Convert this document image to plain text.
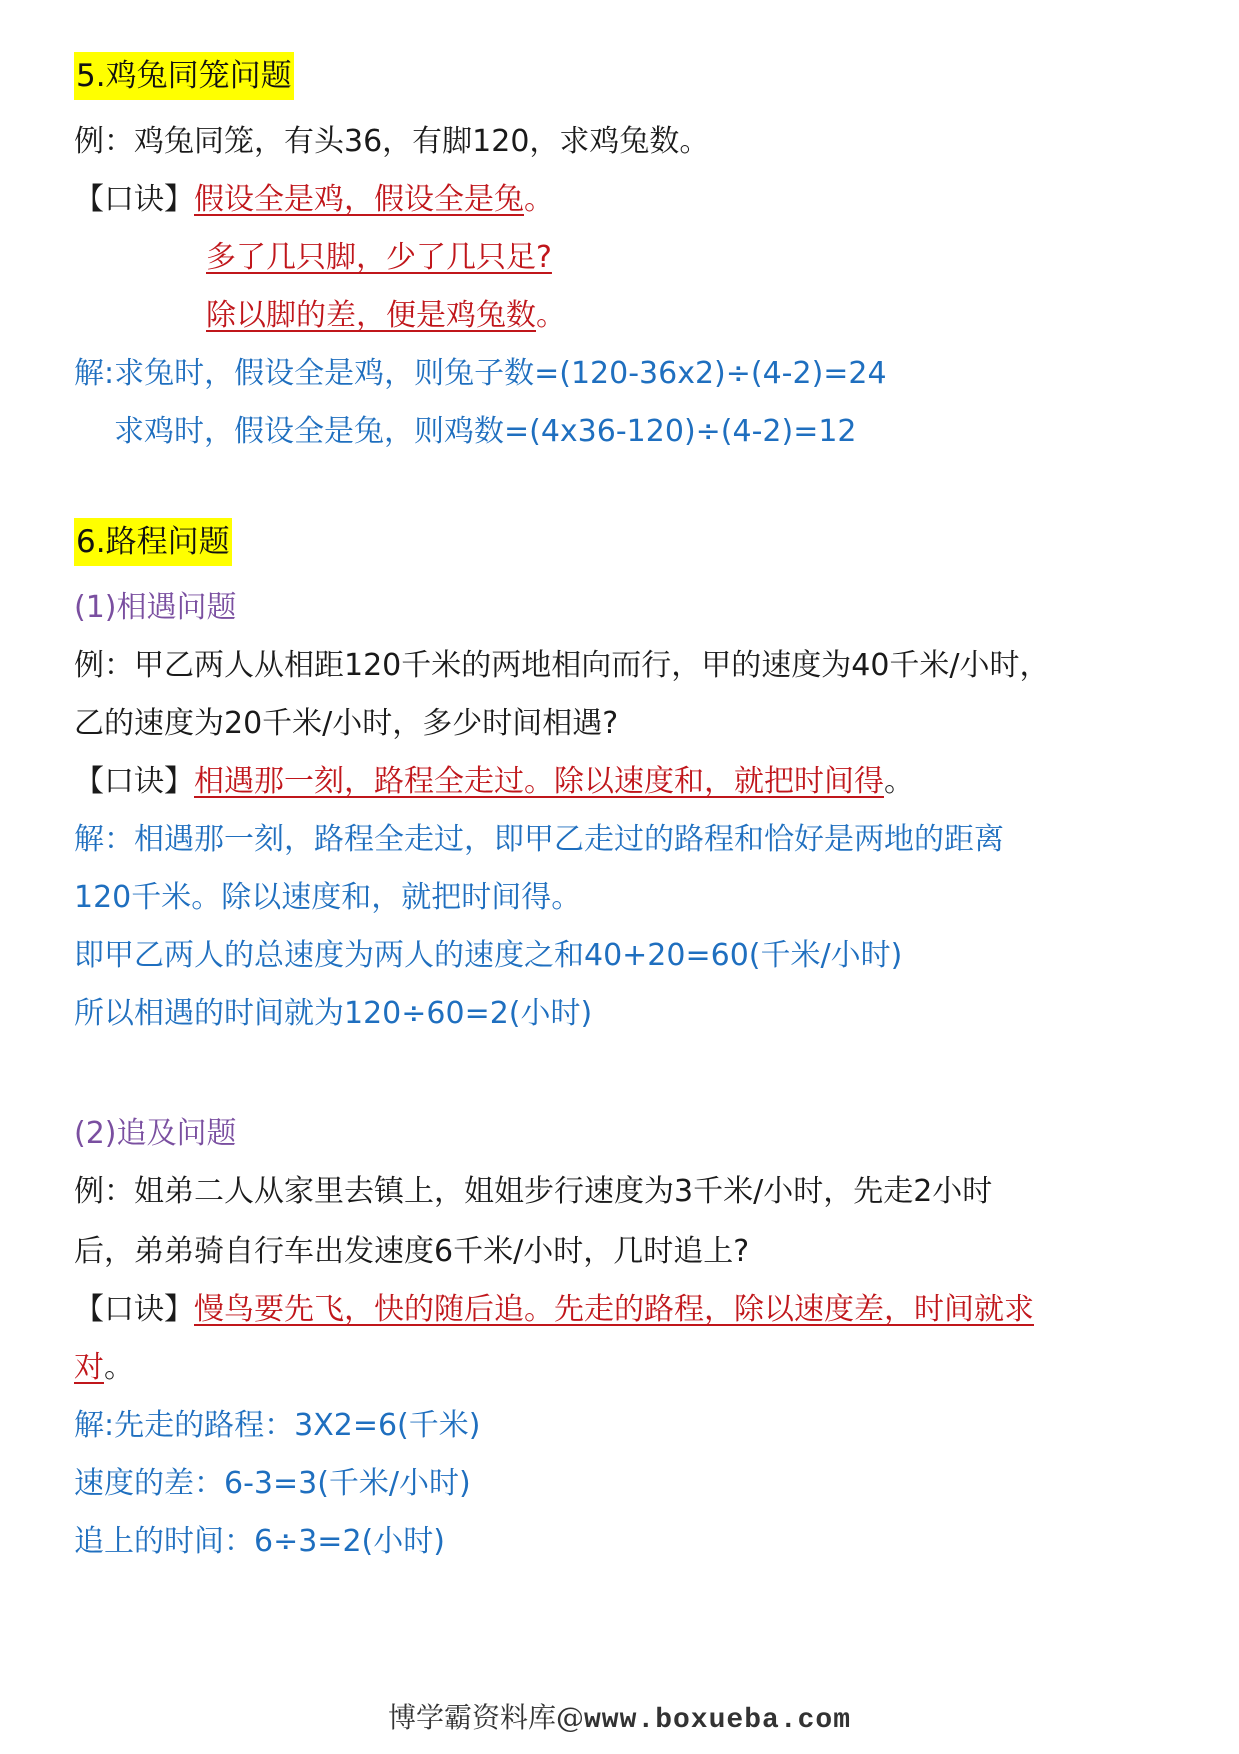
5.鸡兔同笼问题
例：鸡兔同笼，有头36，有脚120，求鸡兔数。
【口诀】假设全是鸡，假设全是兔。
多了几只脚，少了几只足?
除以脚的差，便是鸡兔数。
解:求兔时，假设全是鸡，则兔子数=(120-36x2)÷(4-2)=24
求鸡时，假设全是兔，则鸡数=(4x36-120)÷(4-2)=12
6.路程问题
(1)相遇问题
例：甲乙两人从相距120千米的两地相向而行，甲的速度为40千米/小时，
乙的速度为20千米/小时，多少时间相遇?
【口诀】相遇那一刻，路程全走过。除以速度和，就把时间得。
解：相遇那一刻，路程全走过，即甲乙走过的路程和恰好是两地的距离
120千米。除以速度和，就把时间得。
即甲乙两人的总速度为两人的速度之和40+20=60(千米/小时)
所以相遇的时间就为120÷60=2(小时)
(2)追及问题
例：姐弟二人从家里去镇上，姐姐步行速度为3千米/小时，先走2小时
后，弟弟骑自行车出发速度6千米/小时，几时追上?
【口诀】慢鸟要先飞，快的随后追。先走的路程，除以速度差，时间就求
对。
解:先走的路程：3X2=6(千米)
速度的差：6-3=3(千米/小时)
追上的时间：6÷3=2(小时)
博学霸资料库@www.boxueba.com
